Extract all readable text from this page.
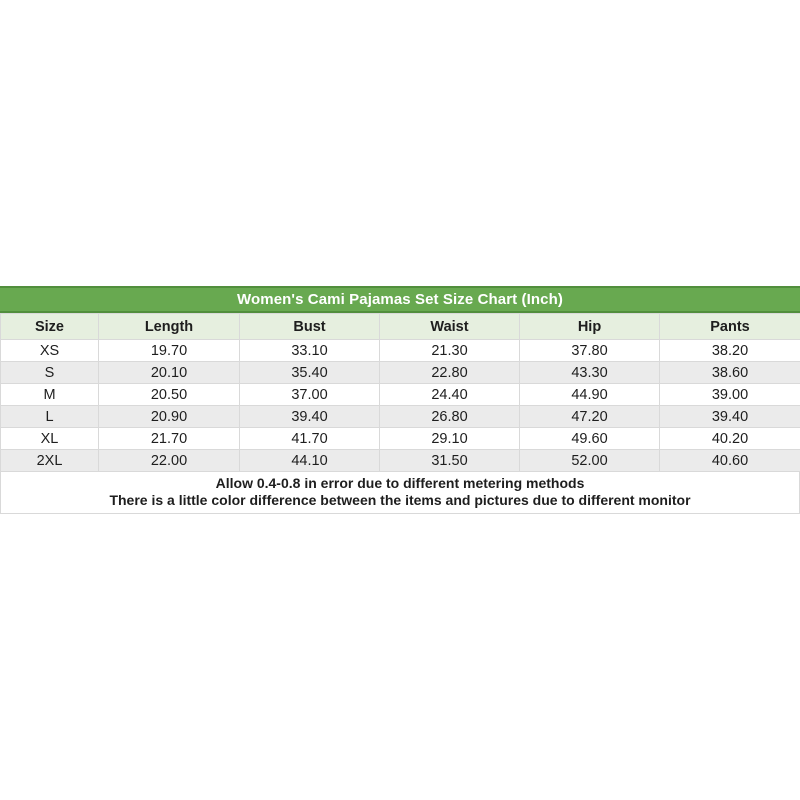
Women's Cami Pajamas Set Size Chart (Inch)
Size	Length	Bust	Waist	Hip	Pants
XS	19.70	33.10	21.30	37.80	38.20
S	20.10	35.40	22.80	43.30	38.60
M	20.50	37.00	24.40	44.90	39.00
L	20.90	39.40	26.80	47.20	39.40
XL	21.70	41.70	29.10	49.60	40.20
2XL	22.00	44.10	31.50	52.00	40.60
Allow 0.4-0.8 in error due to different metering methods
There is a little color difference between the items and pictures due to different monitor
